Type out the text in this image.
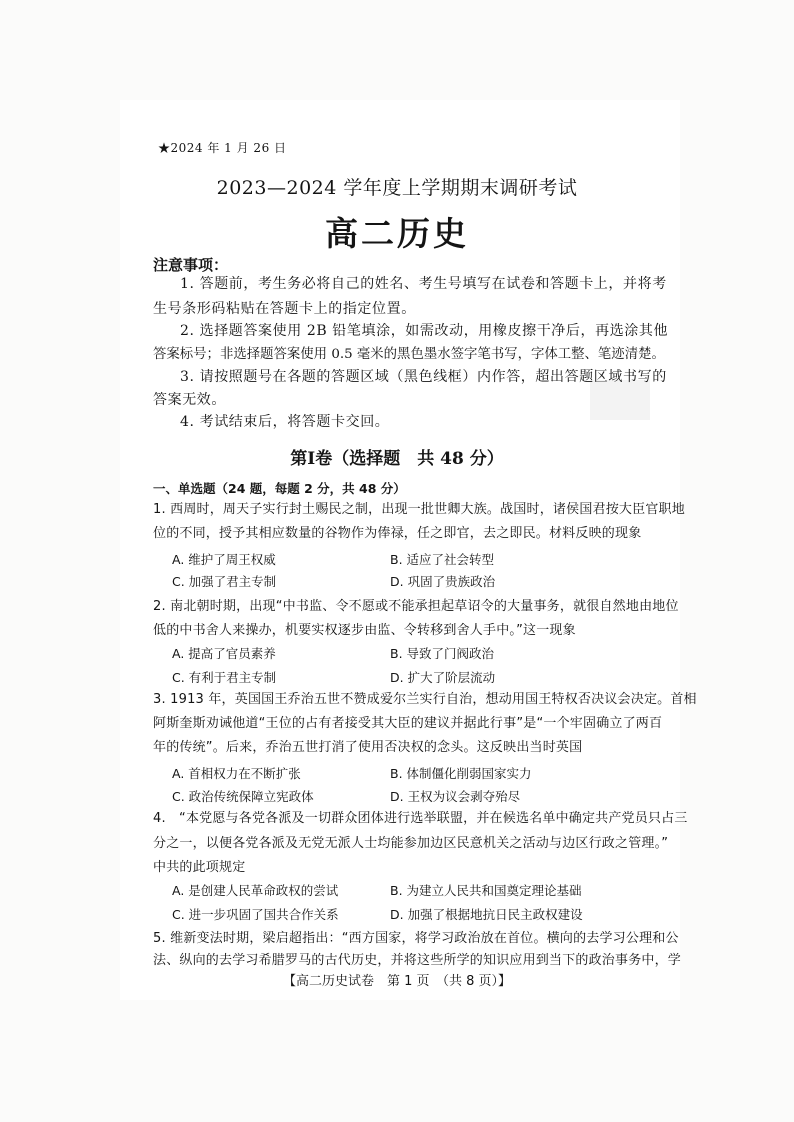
★2024 年 1 月 26 日
2023—2024 学年度上学期期末调研考试
高二历史
注意事项：
1. 答题前，考生务必将自己的姓名、考生号填写在试卷和答题卡上，并将考
生号条形码粘贴在答题卡上的指定位置。
2. 选择题答案使用 2B 铅笔填涂，如需改动，用橡皮擦干净后，再选涂其他
答案标号；非选择题答案使用 0.5 毫米的黑色墨水签字笔书写，字体工整、笔迹清楚。
3. 请按照题号在各题的答题区域（黑色线框）内作答，超出答题区域书写的
答案无效。
4. 考试结束后，将答题卡交回。
第Ⅰ卷（选择题　共 48 分）
一、单选题（24 题，每题 2 分，共 48 分）
1. 西周时，周天子实行封土赐民之制，出现一批世卿大族。战国时，诸侯国君按大臣官职地
位的不同，授予其相应数量的谷物作为俸禄，任之即官，去之即民。材料反映的现象
A. 维护了周王权威	B. 适应了社会转型
C. 加强了君主专制	D. 巩固了贵族政治
2. 南北朝时期，出现“中书监、令不愿或不能承担起草诏令的大量事务，就很自然地由地位
低的中书舍人来操办，机要实权逐步由监、令转移到舍人手中。”这一现象
A. 提高了官员素养	B. 导致了门阀政治
C. 有利于君主专制	D. 扩大了阶层流动
3. 1913 年，英国国王乔治五世不赞成爱尔兰实行自治，想动用国王特权否决议会决定。首相
阿斯奎斯劝诫他道“王位的占有者接受其大臣的建议并据此行事”是“一个牢固确立了两百
年的传统”。后来，乔治五世打消了使用否决权的念头。这反映出当时英国
A. 首相权力在不断扩张	B. 体制僵化削弱国家实力
C. 政治传统保障立宪政体	D. 王权为议会剥夺殆尽
4.　“本党愿与各党各派及一切群众团体进行选举联盟，并在候选名单中确定共产党员只占三
分之一，以便各党各派及无党无派人士均能参加边区民意机关之活动与边区行政之管理。”
中共的此项规定
A. 是创建人民革命政权的尝试	B. 为建立人民共和国奠定理论基础
C. 进一步巩固了国共合作关系	D. 加强了根据地抗日民主政权建设
5. 维新变法时期，梁启超指出：“西方国家，将学习政治放在首位。横向的去学习公理和公
法、纵向的去学习希腊罗马的古代历史，并将这些所学的知识应用到当下的政治事务中，学
【高二历史试卷　第 1 页　（共 8 页）】
